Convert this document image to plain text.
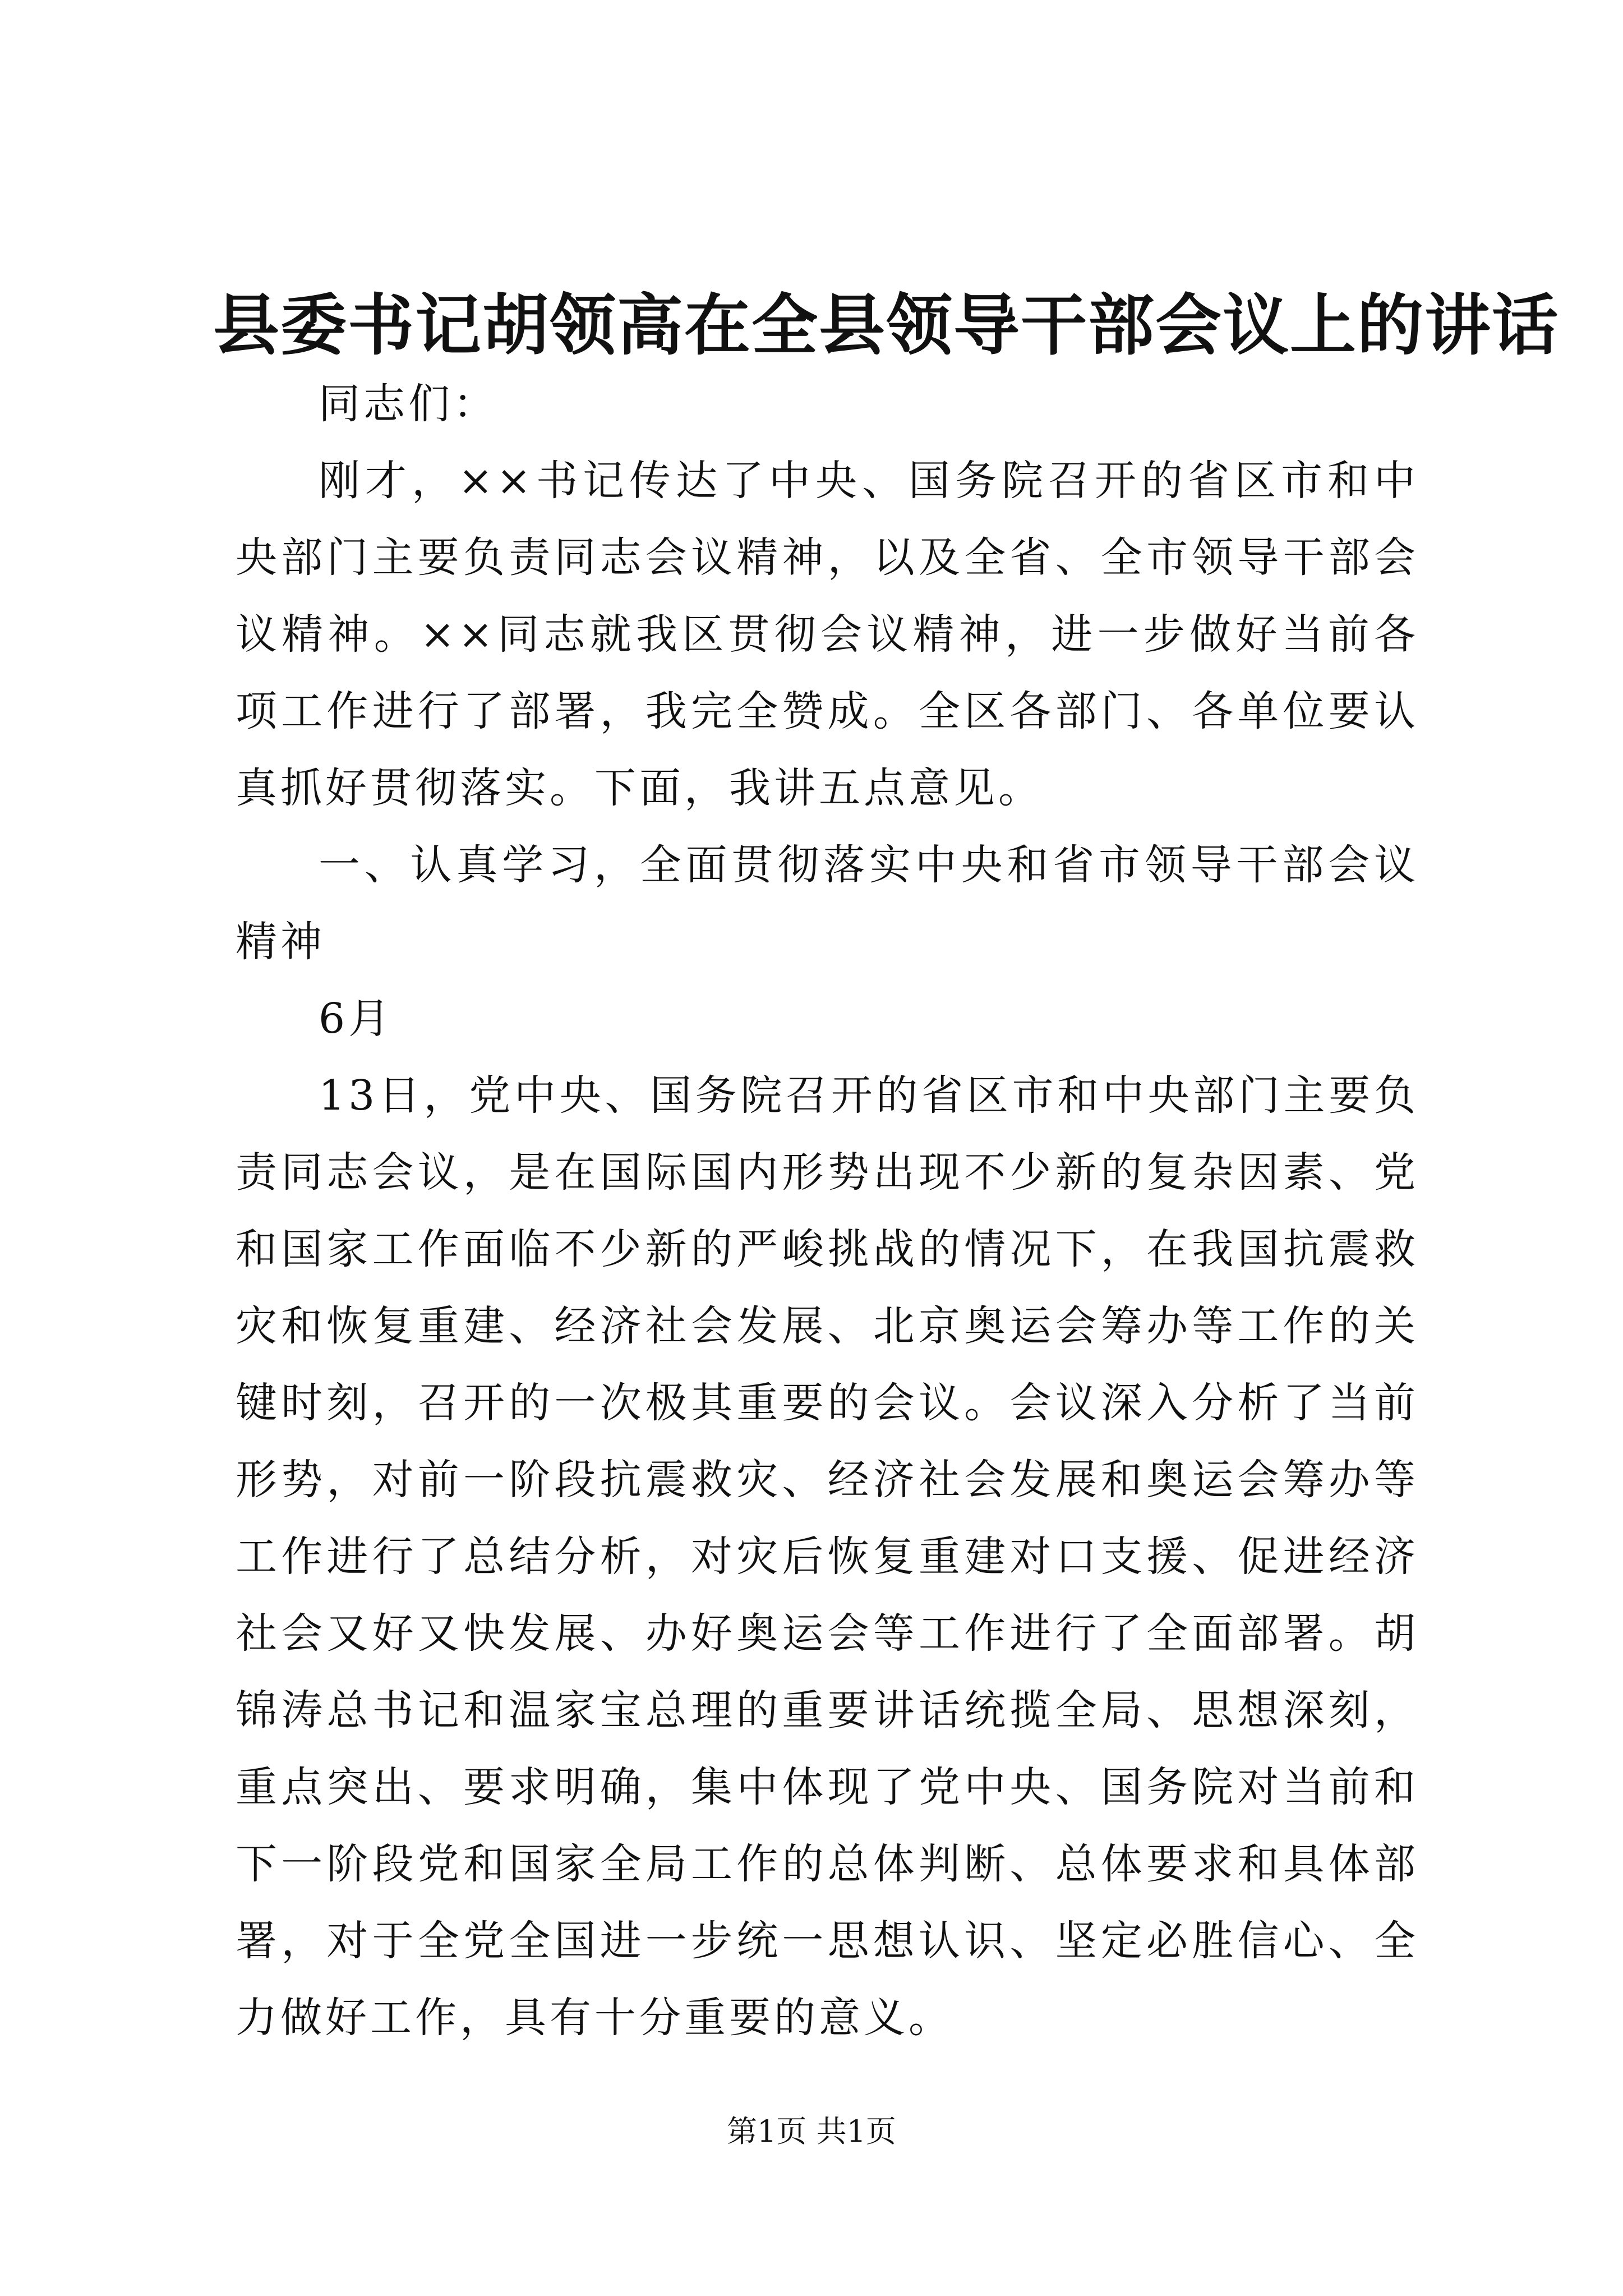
县委书记胡领高在全县领导干部会议上的讲话

同志们：

刚才，××书记传达了中央、国务院召开的省区市和中央部门主要负责同志会议精神，以及全省、全市领导干部会议精神。××同志就我区贯彻会议精神，进一步做好当前各项工作进行了部署，我完全赞成。全区各部门、各单位要认真抓好贯彻落实。下面，我讲五点意见。

一、认真学习，全面贯彻落实中央和省市领导干部会议精神

6月

13日，党中央、国务院召开的省区市和中央部门主要负责同志会议，是在国际国内形势出现不少新的复杂因素、党和国家工作面临不少新的严峻挑战的情况下，在我国抗震救灾和恢复重建、经济社会发展、北京奥运会筹办等工作的关键时刻，召开的一次极其重要的会议。会议深入分析了当前形势，对前一阶段抗震救灾、经济社会发展和奥运会筹办等工作进行了总结分析，对灾后恢复重建对口支援、促进经济社会又好又快发展、办好奥运会等工作进行了全面部署。胡锦涛总书记和温家宝总理的重要讲话统揽全局、思想深刻，重点突出、要求明确，集中体现了党中央、国务院对当前和下一阶段党和国家全局工作的总体判断、总体要求和具体部署，对于全党全国进一步统一思想认识、坚定必胜信心、全力做好工作，具有十分重要的意义。

第1页 共1页
